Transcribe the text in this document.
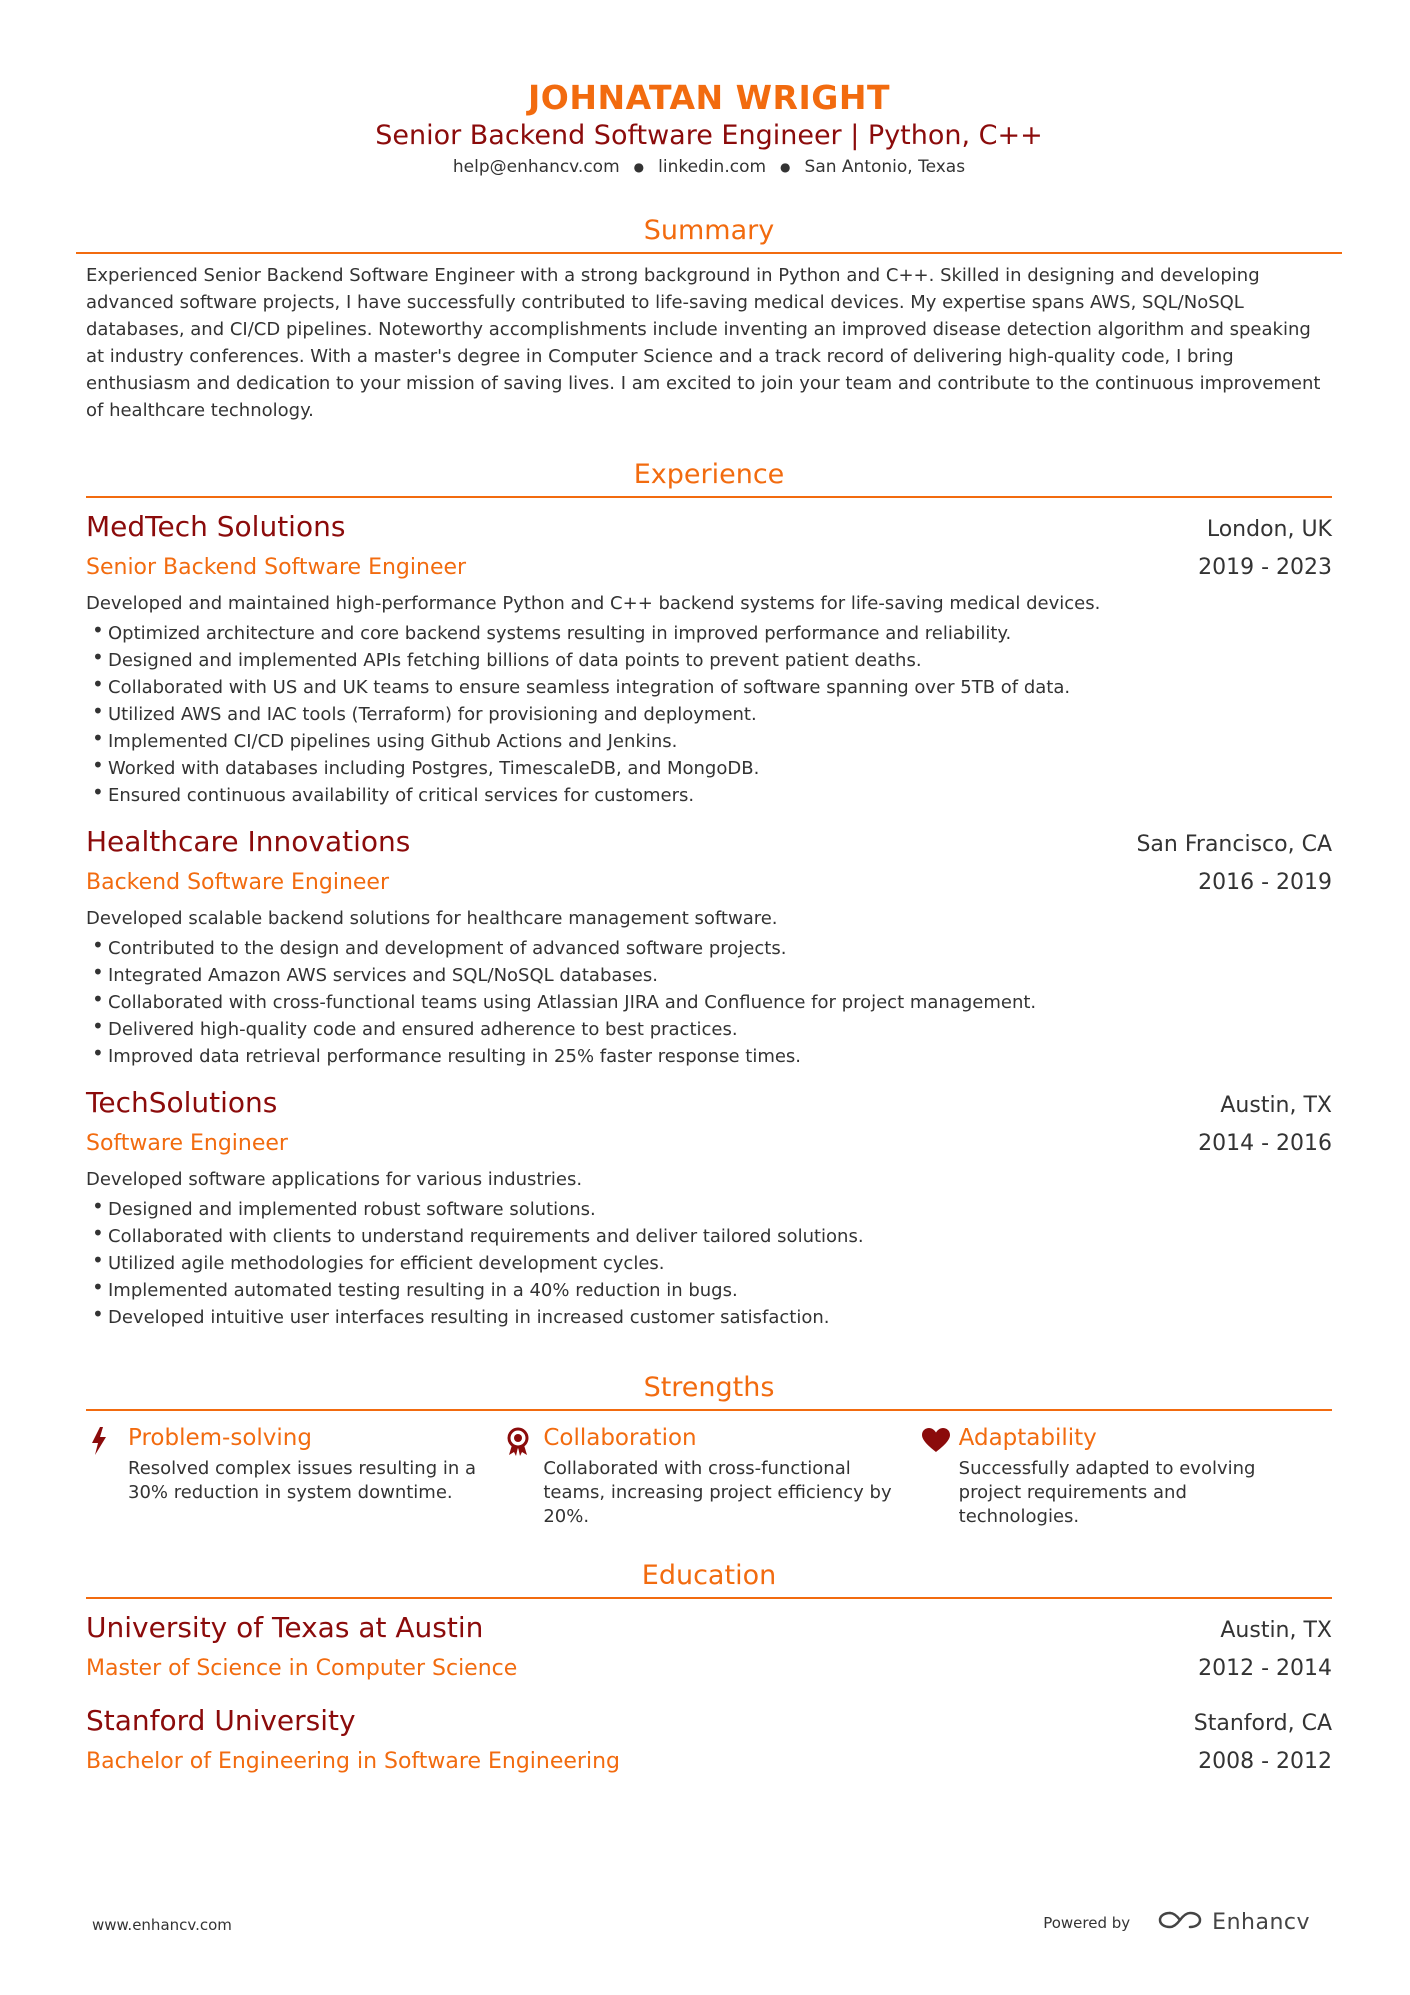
JOHNATAN WRIGHT
Senior Backend Software Engineer | Python, C++
help@enhancv.com ● linkedin.com ● San Antonio, Texas
Summary
Experienced Senior Backend Software Engineer with a strong background in Python and C++. Skilled in designing and developing advanced software projects, I have successfully contributed to life-saving medical devices. My expertise spans AWS, SQL/NoSQL databases, and CI/CD pipelines. Noteworthy accomplishments include inventing an improved disease detection algorithm and speaking at industry conferences. With a master's degree in Computer Science and a track record of delivering high-quality code, I bring enthusiasm and dedication to your mission of saving lives. I am excited to join your team and contribute to the continuous improvement of healthcare technology.
Experience
MedTech Solutions	London, UK
Senior Backend Software Engineer	2019 - 2023
Developed and maintained high-performance Python and C++ backend systems for life-saving medical devices.
• Optimized architecture and core backend systems resulting in improved performance and reliability.
• Designed and implemented APIs fetching billions of data points to prevent patient deaths.
• Collaborated with US and UK teams to ensure seamless integration of software spanning over 5TB of data.
• Utilized AWS and IAC tools (Terraform) for provisioning and deployment.
• Implemented CI/CD pipelines using Github Actions and Jenkins.
• Worked with databases including Postgres, TimescaleDB, and MongoDB.
• Ensured continuous availability of critical services for customers.
Healthcare Innovations	San Francisco, CA
Backend Software Engineer	2016 - 2019
Developed scalable backend solutions for healthcare management software.
• Contributed to the design and development of advanced software projects.
• Integrated Amazon AWS services and SQL/NoSQL databases.
• Collaborated with cross-functional teams using Atlassian JIRA and Confluence for project management.
• Delivered high-quality code and ensured adherence to best practices.
• Improved data retrieval performance resulting in 25% faster response times.
TechSolutions	Austin, TX
Software Engineer	2014 - 2016
Developed software applications for various industries.
• Designed and implemented robust software solutions.
• Collaborated with clients to understand requirements and deliver tailored solutions.
• Utilized agile methodologies for efficient development cycles.
• Implemented automated testing resulting in a 40% reduction in bugs.
• Developed intuitive user interfaces resulting in increased customer satisfaction.
Strengths
Problem-solving
Resolved complex issues resulting in a 30% reduction in system downtime.
Collaboration
Collaborated with cross-functional teams, increasing project efficiency by 20%.
Adaptability
Successfully adapted to evolving project requirements and technologies.
Education
University of Texas at Austin	Austin, TX
Master of Science in Computer Science	2012 - 2014
Stanford University	Stanford, CA
Bachelor of Engineering in Software Engineering	2008 - 2012
www.enhancv.com	Powered by	Enhancv
